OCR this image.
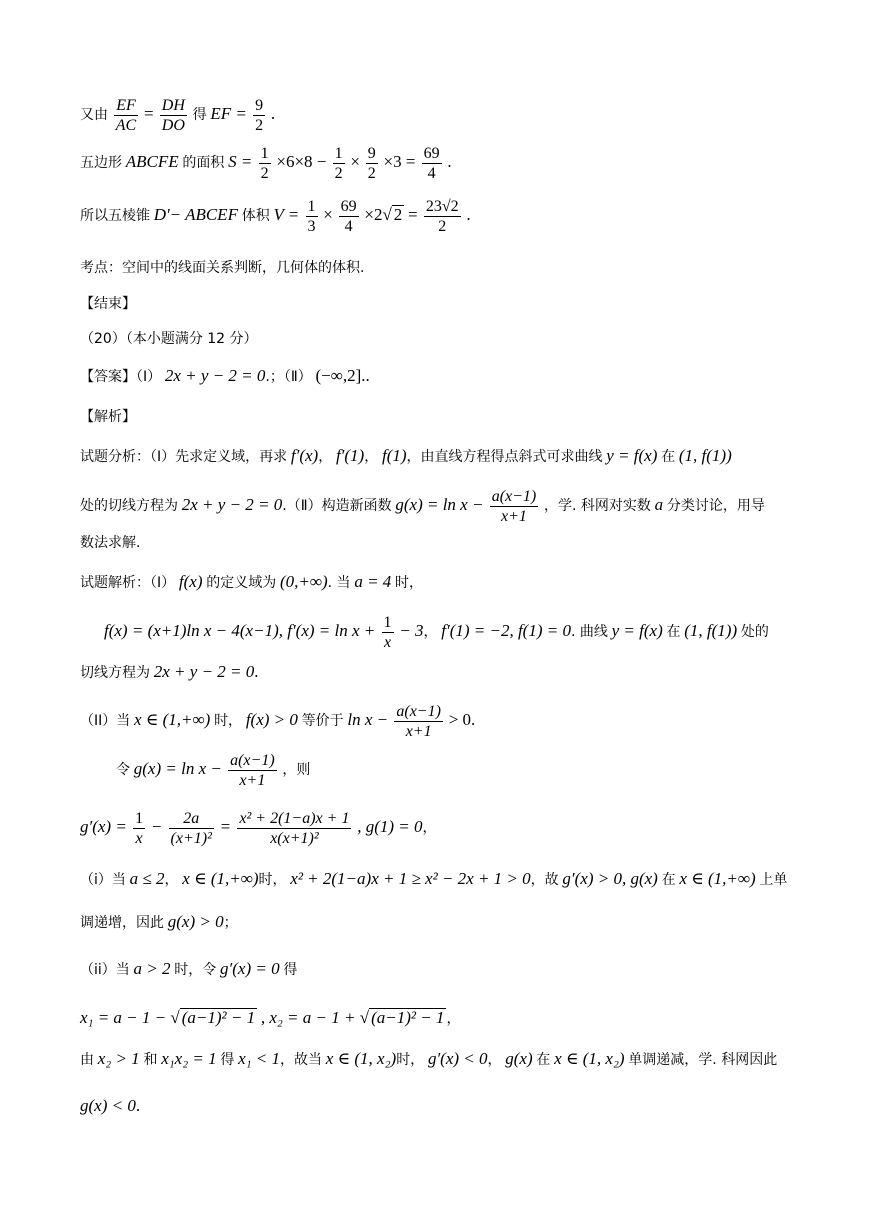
又由 $\frac{EF}{AC} = \frac{DH}{DO}$ 得 EF = $\frac{9}{2}$ .
五边形 ABCFE 的面积 $S = \frac{1}{2} \times 6\times 8 - \frac{1}{2} \times \frac{9}{2} \times 3 = \frac{69}{4}$ .
所以五棱锥 D'− ABCEF 体积 $V = \frac{1}{3} \times \frac{69}{4} \times 2√$ $2 = \frac{23√2}{2}$ .
考点：空间中的线面关系判断，几何体的体积.
【结束】
（20）（本小题满分 12 分）
【答案】（Ⅰ） 2x + y − 2 = 0.；（Ⅱ） (−∞,2]..
【解析】
试题分析：（Ⅰ）先求定义域，再求 f′(x)， f′(1)， f(1)，由直线方程得点斜式可求曲线 y = f(x) 在 (1, f(1))
处的切线方程为 2x + y − 2 = 0.（Ⅱ）构造新函数 $g(x) = \ln x - \frac{a(x-1)}{x+1}$ ，学. 科网对实数 a 分类讨论，用导
数法求解.
试题解析：（Ⅰ） f(x) 的定义域为 (0,+∞). 当 a = 4 时，
f(x) = (x+1)ln x − 4(x−1), $f'(x) = \ln x + \frac{1}{x} - 3$， f′(1) = −2, f(1) = 0. 曲线 y = f(x) 在 (1, f(1)) 处的
切线方程为 2x + y − 2 = 0.
（II）当 x ∈ (1,+∞) 时， f(x) > 0 等价于 $\ln x - \frac{a(x-1)}{x+1} > 0$.
令 $g(x) = \ln x - \frac{a(x-1)}{x+1}$ ，则
$g'(x) = \frac{1}{x} - \frac{2a}{\text{(x+1)²}} = \frac{\text{x² + 2(1−a)x + 1}}{\text{x(x+1)²}}$ , g(1) = 0，
（i）当 a ≤ 2， x ∈ (1,+∞)时， x² + 2(1−a)x + 1 ≥ x² − 2x + 1 > 0，故 g′(x) > 0, g(x) 在 x ∈ (1,+∞) 上单
调递增，因此 g(x) > 0；
（ii）当 a > 2 时，令 g′(x) = 0 得
x₁ = a − 1 − √ (a−1)² − 1 , x₂ = a − 1 + √ (a−1)² − 1 ，
由 x₂ > 1 和 x₁x₂ = 1 得 x₁ < 1，故当 x ∈ (1, x₂)时， g′(x) < 0， g(x) 在 x ∈ (1, x₂) 单调递减，学. 科网因此
g(x) < 0.
